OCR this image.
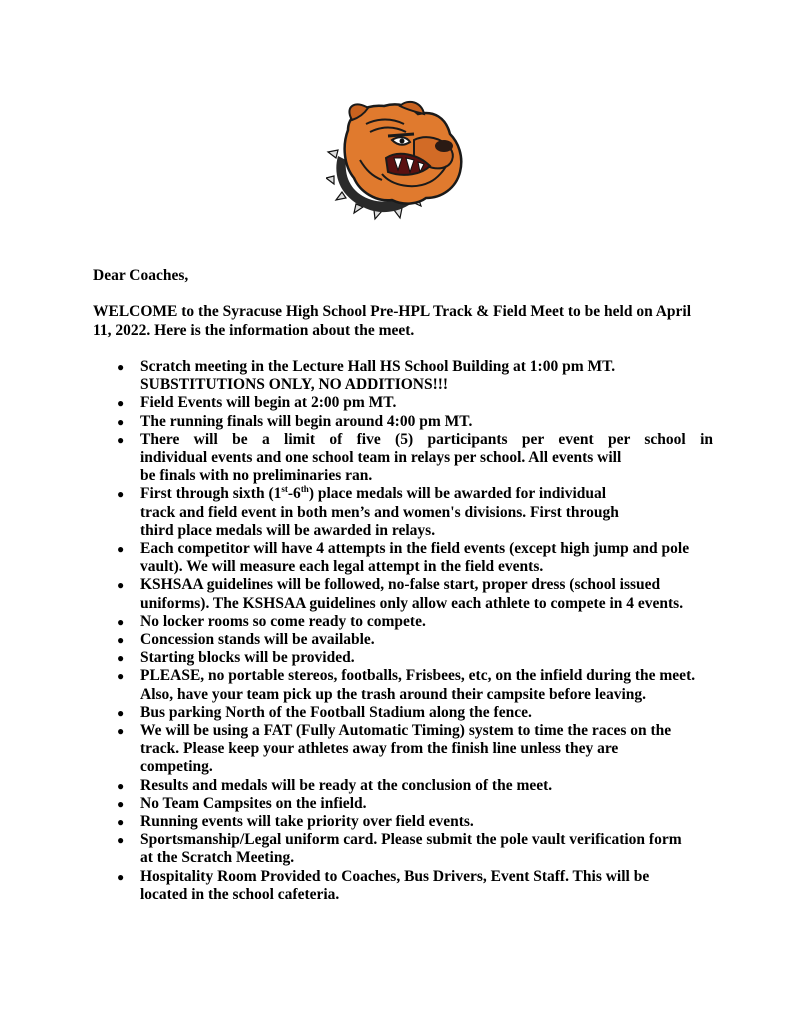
Dear Coaches,
WELCOME to the Syracuse High School Pre-HPL Track & Field Meet to be held on April
11, 2022. Here is the information about the meet.
● Scratch meeting in the Lecture Hall HS School Building at 1:00 pm MT.
SUBSTITUTIONS ONLY, NO ADDITIONS!!!
● Field Events will begin at 2:00 pm MT.
● The running finals will begin around 4:00 pm MT.
● There will be a limit of five (5) participants per event per school in
individual events and one school team in relays per school. All events will
be finals with no preliminaries ran.
● First through sixth (1st-6th) place medals will be awarded for individual
track and field event in both men’s and women's divisions. First through
third place medals will be awarded in relays.
● Each competitor will have 4 attempts in the field events (except high jump and pole
vault). We will measure each legal attempt in the field events.
● KSHSAA guidelines will be followed, no-false start, proper dress (school issued
uniforms). The KSHSAA guidelines only allow each athlete to compete in 4 events.
● No locker rooms so come ready to compete.
● Concession stands will be available.
● Starting blocks will be provided.
● PLEASE, no portable stereos, footballs, Frisbees, etc, on the infield during the meet.
Also, have your team pick up the trash around their campsite before leaving.
● Bus parking North of the Football Stadium along the fence.
● We will be using a FAT (Fully Automatic Timing) system to time the races on the
track. Please keep your athletes away from the finish line unless they are
competing.
● Results and medals will be ready at the conclusion of the meet.
● No Team Campsites on the infield.
● Running events will take priority over field events.
● Sportsmanship/Legal uniform card. Please submit the pole vault verification form
at the Scratch Meeting.
● Hospitality Room Provided to Coaches, Bus Drivers, Event Staff. This will be
located in the school cafeteria.
